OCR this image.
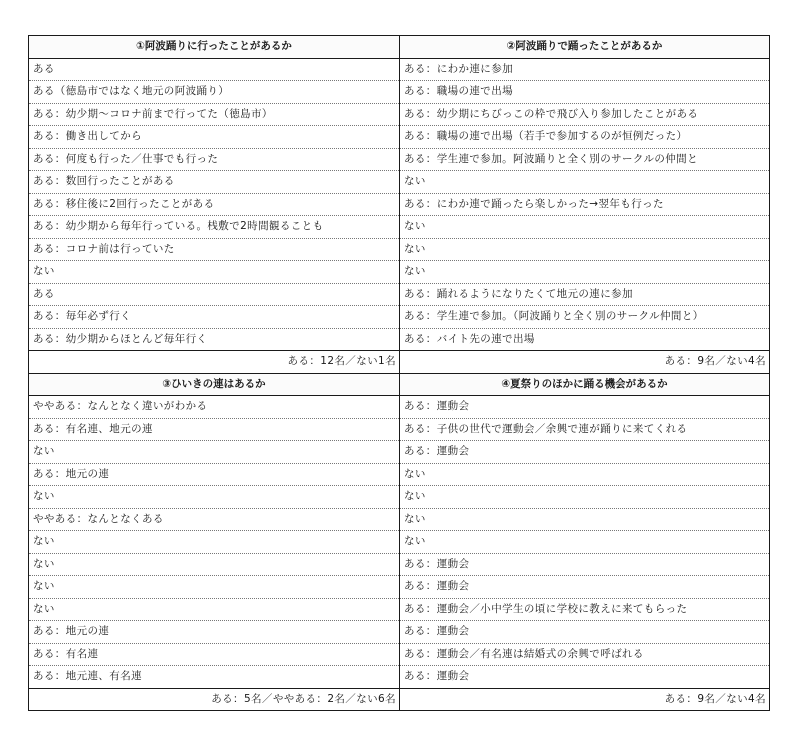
①阿波踊りに行ったことがあるか	②阿波踊りで踊ったことがあるか
ある	ある：にわか連に参加
ある（徳島市ではなく地元の阿波踊り）	ある：職場の連で出場
ある：幼少期〜コロナ前まで行ってた（徳島市）	ある：幼少期にちびっこの枠で飛び入り参加したことがある
ある：働き出してから	ある：職場の連で出場（若手で参加するのが恒例だった）
ある：何度も行った／仕事でも行った	ある：学生連で参加。阿波踊りと全く別のサークルの仲間と
ある：数回行ったことがある	ない
ある：移住後に2回行ったことがある	ある：にわか連で踊ったら楽しかった→翌年も行った
ある：幼少期から毎年行っている。桟敷で2時間観ることも	ない
ある：コロナ前は行っていた	ない
ない	ない
ある	ある：踊れるようになりたくて地元の連に参加
ある：毎年必ず行く	ある：学生連で参加。（阿波踊りと全く別のサークル仲間と）
ある：幼少期からほとんど毎年行く	ある：バイト先の連で出場
ある：12名／ない1名	ある：9名／ない4名
③ひいきの連はあるか	④夏祭りのほかに踊る機会があるか
ややある：なんとなく違いがわかる	ある：運動会
ある：有名連、地元の連	ある：子供の世代で運動会／余興で連が踊りに来てくれる
ない	ある：運動会
ある：地元の連	ない
ない	ない
ややある：なんとなくある	ない
ない	ない
ない	ある：運動会
ない	ある：運動会
ない	ある：運動会／小中学生の頃に学校に教えに来てもらった
ある：地元の連	ある：運動会
ある：有名連	ある：運動会／有名連は結婚式の余興で呼ばれる
ある：地元連、有名連	ある：運動会
ある：5名／ややある：2名／ない6名	ある：9名／ない4名
